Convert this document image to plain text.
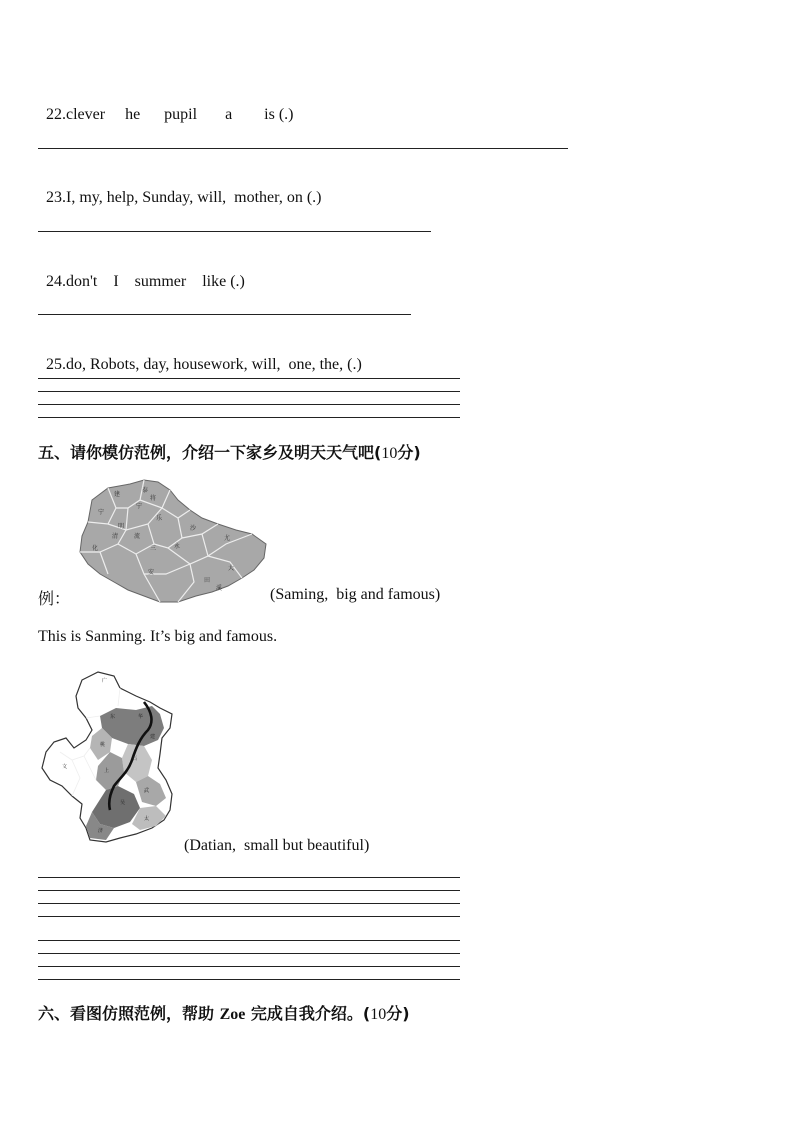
22.clever     he      pupil       a        is (.)

23.I, my, help, Sunday, will,  mother, on (.)

24.don't    I    summer    like (.)

25.do, Robots, day, housework, will,  one, the, (.)

五、请你模仿范例，介绍一下家乡及明天天气吧(10分)
建
泰
将
宁
宁
乐
明	沙
化
清	流
永
三
尤
田
大
安
溪
例：	(Saming,  big and famous)
This is Sanming. It’s big and famous.
广
东	华
文
桃
石
上
武
吴
太
济
建
(Datian,  small but beautiful)
六、看图仿照范例，帮助 Zoe 完成自我介绍。(10分)
